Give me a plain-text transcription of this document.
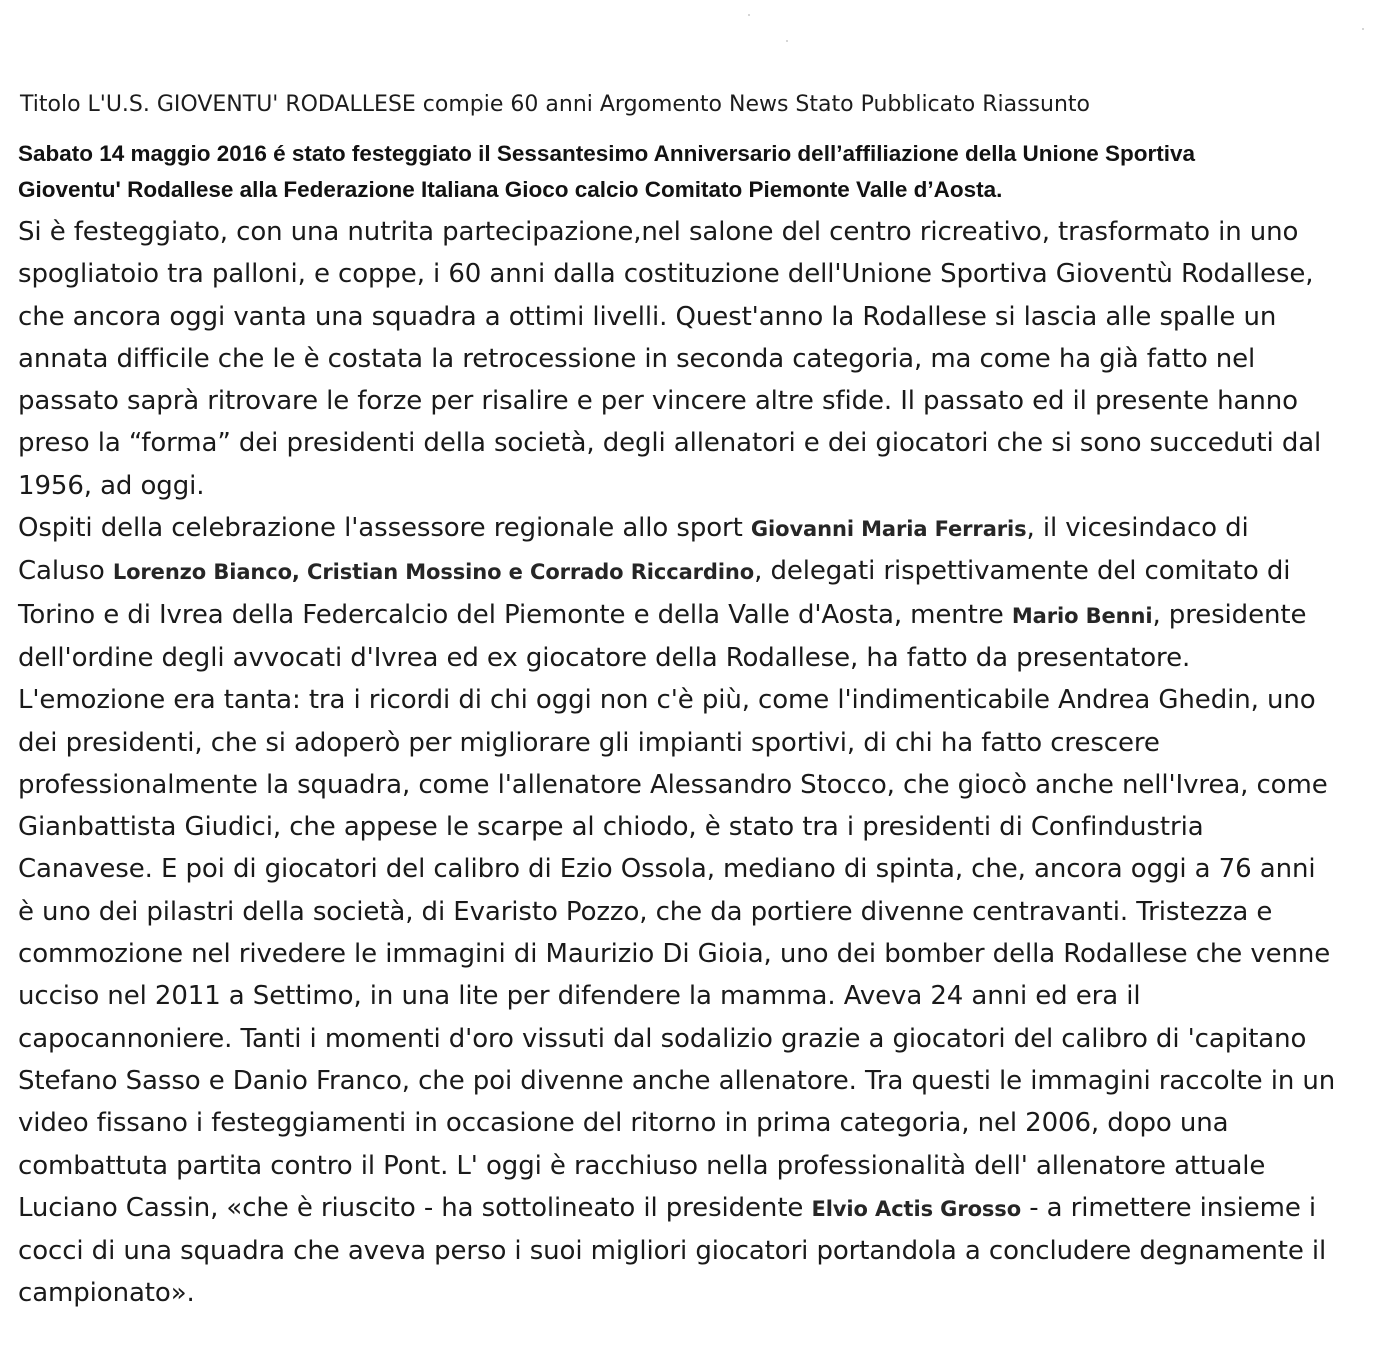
Titolo L'U.S. GIOVENTU' RODALLESE compie 60 anni Argomento News Stato Pubblicato Riassunto
Sabato 14 maggio 2016 é stato festeggiato il Sessantesimo Anniversario dell’affiliazione della Unione Sportiva
Gioventu' Rodallese alla Federazione Italiana Gioco calcio Comitato Piemonte Valle d’Aosta.
Si è festeggiato, con una nutrita partecipazione,nel salone del centro ricreativo, trasformato in uno
spogliatoio tra palloni, e coppe, i 60 anni dalla costituzione dell'Unione Sportiva Gioventù Rodallese,
che ancora oggi vanta una squadra a ottimi livelli. Quest'anno la Rodallese si lascia alle spalle un
annata difficile che le è costata la retrocessione in seconda categoria, ma come ha già fatto nel
passato saprà ritrovare le forze per risalire e per vincere altre sfide. Il passato ed il presente hanno
preso la “forma” dei presidenti della società, degli allenatori e dei giocatori che si sono succeduti dal
1956, ad oggi.
Ospiti della celebrazione l'assessore regionale allo sport Giovanni Maria Ferraris, il vicesindaco di
Caluso Lorenzo Bianco, Cristian Mossino e Corrado Riccardino, delegati rispettivamente del comitato di
Torino e di Ivrea della Federcalcio del Piemonte e della Valle d'Aosta, mentre Mario Benni, presidente
dell'ordine degli avvocati d'Ivrea ed ex giocatore della Rodallese, ha fatto da presentatore.
L'emozione era tanta: tra i ricordi di chi oggi non c'è più, come l'indimenticabile Andrea Ghedin, uno
dei presidenti, che si adoperò per migliorare gli impianti sportivi, di chi ha fatto crescere
professionalmente la squadra, come l'allenatore Alessandro Stocco, che giocò anche nell'Ivrea, come
Gianbattista Giudici, che appese le scarpe al chiodo, è stato tra i presidenti di Confindustria
Canavese. E poi di giocatori del calibro di Ezio Ossola, mediano di spinta, che, ancora oggi a 76 anni
è uno dei pilastri della società, di Evaristo Pozzo, che da portiere divenne centravanti. Tristezza e
commozione nel rivedere le immagini di Maurizio Di Gioia, uno dei bomber della Rodallese che venne
ucciso nel 2011 a Settimo, in una lite per difendere la mamma. Aveva 24 anni ed era il
capocannoniere. Tanti i momenti d'oro vissuti dal sodalizio grazie a giocatori del calibro di 'capitano
Stefano Sasso e Danio Franco, che poi divenne anche allenatore. Tra questi le immagini raccolte in un
video fissano i festeggiamenti in occasione del ritorno in prima categoria, nel 2006, dopo una
combattuta partita contro il Pont. L' oggi è racchiuso nella professionalità dell' allenatore attuale
Luciano Cassin, «che è riuscito - ha sottolineato il presidente Elvio Actis Grosso - a rimettere insieme i
cocci di una squadra che aveva perso i suoi migliori giocatori portandola a concludere degnamente il
campionato».
